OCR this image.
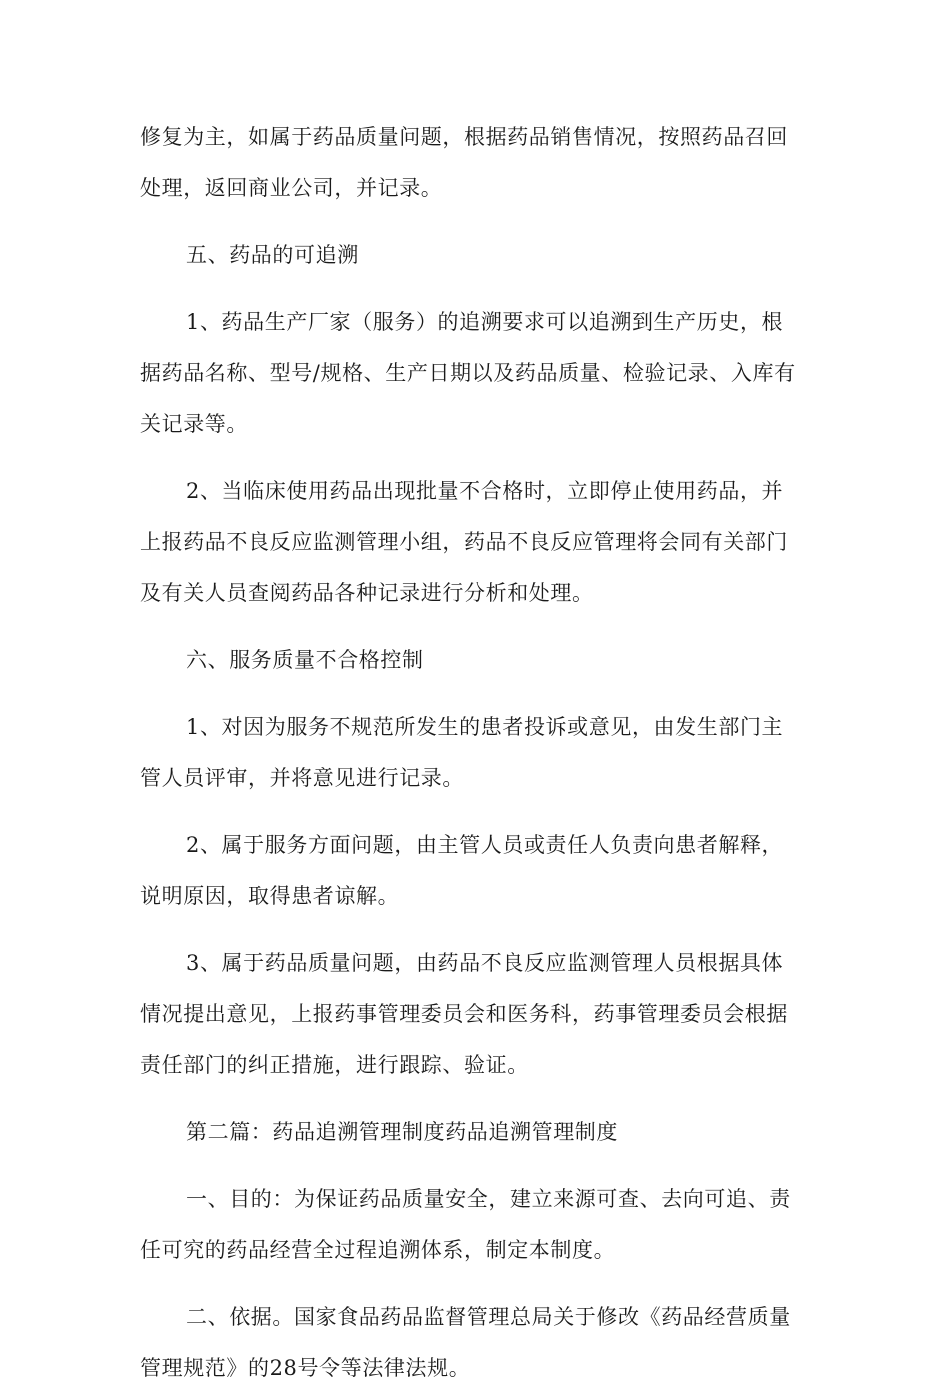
修复为主，如属于药品质量问题，根据药品销售情况，按照药品召回
处理，返回商业公司，并记录。

五、药品的可追溯

1、药品生产厂家（服务）的追溯要求可以追溯到生产历史，根
据药品名称、型号/规格、生产日期以及药品质量、检验记录、入库有
关记录等。

2、当临床使用药品出现批量不合格时，立即停止使用药品，并
上报药品不良反应监测管理小组，药品不良反应管理将会同有关部门
及有关人员查阅药品各种记录进行分析和处理。

六、服务质量不合格控制

1、对因为服务不规范所发生的患者投诉或意见，由发生部门主
管人员评审，并将意见进行记录。

2、属于服务方面问题，由主管人员或责任人负责向患者解释，
说明原因，取得患者谅解。

3、属于药品质量问题，由药品不良反应监测管理人员根据具体
情况提出意见，上报药事管理委员会和医务科，药事管理委员会根据
责任部门的纠正措施，进行跟踪、验证。

第二篇：药品追溯管理制度药品追溯管理制度

一、目的：为保证药品质量安全，建立来源可查、去向可追、责
任可究的药品经营全过程追溯体系，制定本制度。

二、依据。国家食品药品监督管理总局关于修改《药品经营质量
管理规范》的28号令等法律法规。
